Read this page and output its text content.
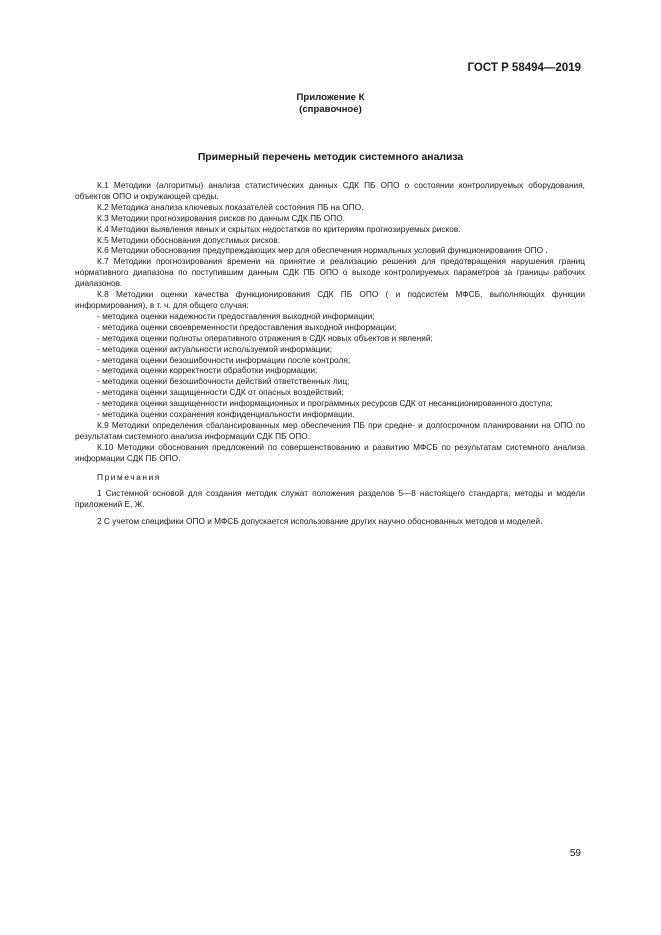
ГОСТ Р 58494—2019
Приложение К
(справочное)
Примерный перечень методик системного анализа

К.1 Методики (алгоритмы) анализа статистических данных СДК ПБ ОПО о состоянии контролируемых оборудования, объектов ОПО и окружающей среды.

К.2 Методика анализа ключевых показателей состояния ПБ на ОПО.

К.3 Методики прогнозирования рисков по данным СДК ПБ ОПО.

К.4 Методики выявления явных и скрытых недостатков по критериям прогнозируемых рисков.

К.5 Методики обоснования допустимых рисков.

К.6 Методики обоснования предупреждающих мер для обеспечения нормальных условий функционирования ОПО .

К.7 Методики прогнозирования времени на принятие и реализацию решения для предотвращения нарушения границ нормативного диапазона по поступившим данным СДК ПБ ОПО о выходе контролируемых параметров за границы рабочих диапазонов.

К.8 Методики оценки качества функционирования СДК ПБ ОПО ( и подсистем МФСБ, выполняющих функции информирования), в т. ч. для общего случая:

- методика оценки надежности предоставления выходной информации;

- методика оценки своевременности предоставления выходной информации;

- методика оценки полноты оперативного отражения в СДК новых объектов и явлений;

- методика оценки актуальности используемой информации;

- методика оценки безошибочности информации после контроля;

- методика оценки корректности обработки информации;

- методика оценки безошибочности действий ответственных лиц;

- методика оценки защищенности СДК от опасных воздействий;

- методика оценки защищенности информационных и программных ресурсов СДК от несанкционированного доступа;

- методика оценки сохранения конфиденциальности информации.

К.9 Методики определения сбалансированных мер обеспечения ПБ при средне- и долгосрочном планировании на ОПО по результатам системного анализа информации СДК ПБ ОПО.

К.10 Методики обоснования предложений по совершенствованию и развитию МФСБ по результатам системного анализа информации СДК ПБ ОПО.

Примечания

1 Системной основой для создания методик служат положения разделов 5—8 настоящего стандарта, методы и модели приложений Е, Ж.

2 С учетом специфики ОПО и МФСБ допускается использование других научно обоснованных методов и моделей.

59
